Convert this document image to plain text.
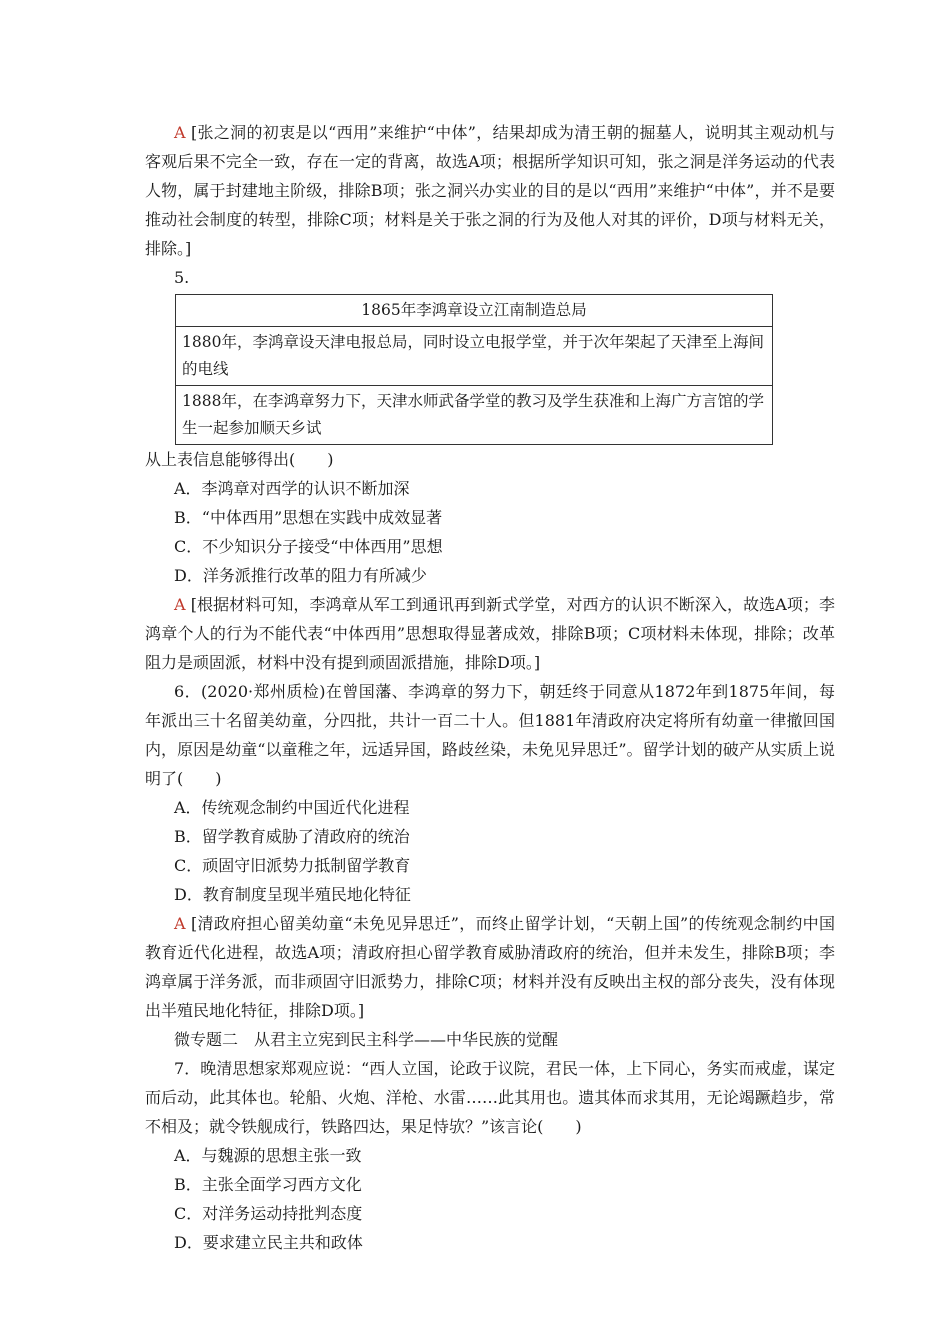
A [张之洞的初衷是以“西用”来维护“中体”，结果却成为清王朝的掘墓人，说明其主观动机与客观后果不完全一致，存在一定的背离，故选A项；根据所学知识可知，张之洞是洋务运动的代表人物，属于封建地主阶级，排除B项；张之洞兴办实业的目的是以“西用”来维护“中体”，并不是要推动社会制度的转型，排除C项；材料是关于张之洞的行为及他人对其的评价，D项与材料无关，排除。]

5.

1865年李鸿章设立江南制造总局
1880年，李鸿章设天津电报总局，同时设立电报学堂，并于次年架起了天津至上海间的电线
1888年，在李鸿章努力下，天津水师武备学堂的教习及学生获准和上海广方言馆的学生一起参加顺天乡试

从上表信息能够得出(　　)

A．李鸿章对西学的认识不断加深

B．“中体西用”思想在实践中成效显著

C．不少知识分子接受“中体西用”思想

D．洋务派推行改革的阻力有所减少

A [根据材料可知，李鸿章从军工到通讯再到新式学堂，对西方的认识不断深入，故选A项；李鸿章个人的行为不能代表“中体西用”思想取得显著成效，排除B项；C项材料未体现，排除；改革阻力是顽固派，材料中没有提到顽固派措施，排除D项。]

6．(2020·郑州质检)在曾国藩、李鸿章的努力下，朝廷终于同意从1872年到1875年间，每年派出三十名留美幼童，分四批，共计一百二十人。但1881年清政府决定将所有幼童一律撤回国内，原因是幼童“以童稚之年，远适异国，路歧丝染，未免见异思迁”。留学计划的破产从实质上说明了(　　)

A．传统观念制约中国近代化进程

B．留学教育威胁了清政府的统治

C．顽固守旧派势力抵制留学教育

D．教育制度呈现半殖民地化特征

A [清政府担心留美幼童“未免见异思迁”，而终止留学计划，“天朝上国”的传统观念制约中国教育近代化进程，故选A项；清政府担心留学教育威胁清政府的统治，但并未发生，排除B项；李鸿章属于洋务派，而非顽固守旧派势力，排除C项；材料并没有反映出主权的部分丧失，没有体现出半殖民地化特征，排除D项。]

微专题二　从君主立宪到民主科学——中华民族的觉醒

7．晚清思想家郑观应说：“西人立国，论政于议院，君民一体，上下同心，务实而戒虚，谋定而后动，此其体也。轮船、火炮、洋枪、水雷……此其用也。遗其体而求其用，无论竭蹶趋步，常不相及；就令铁舰成行，铁路四达，果足恃欤？”该言论(　　)

A．与魏源的思想主张一致

B．主张全面学习西方文化

C．对洋务运动持批判态度

D．要求建立民主共和政体
